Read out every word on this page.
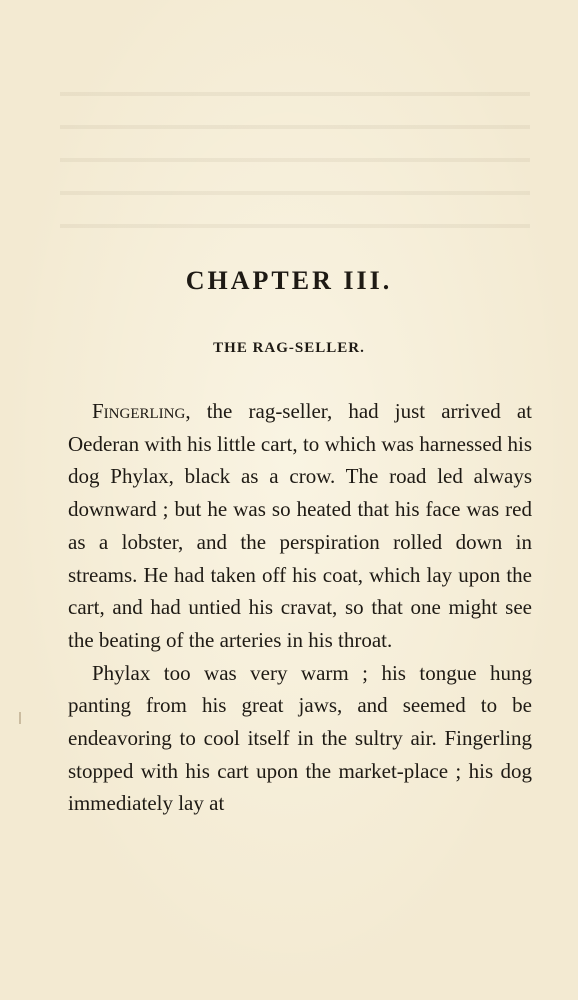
CHAPTER III.
THE RAG-SELLER.

Fingerling, the rag-seller, had just arrived at Oederan with his little cart, to which was harnessed his dog Phylax, black as a crow. The road led always downward ; but he was so heated that his face was red as a lobster, and the perspiration rolled down in streams. He had taken off his coat, which lay upon the cart, and had untied his cravat, so that one might see the beating of the arteries in his throat.

Phylax too was very warm ; his tongue hung panting from his great jaws, and seemed to be endeavoring to cool itself in the sultry air. Fingerling stopped with his cart upon the market-place ; his dog immediately lay at
